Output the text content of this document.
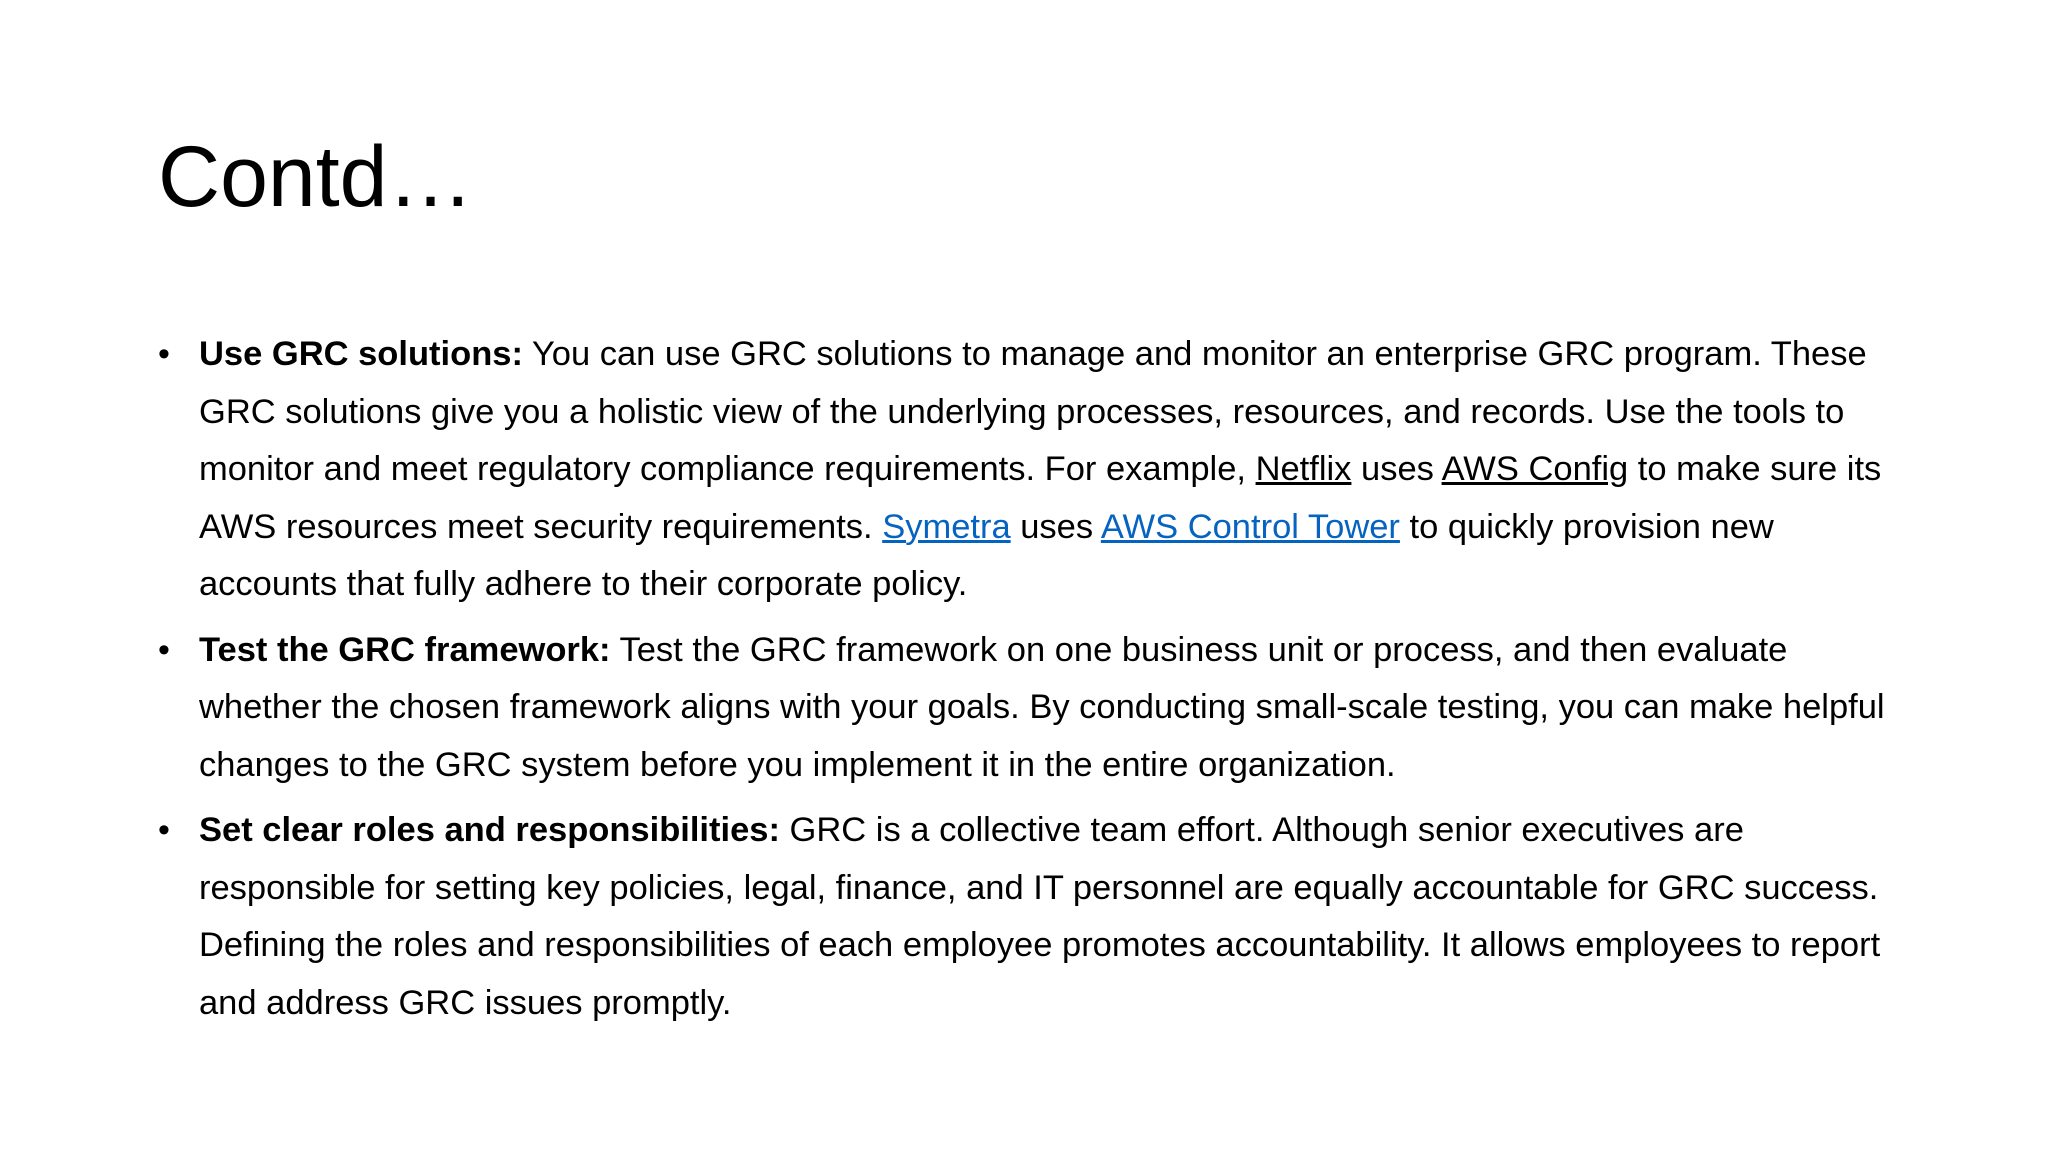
Contd…
• Use GRC solutions: You can use GRC solutions to manage and monitor an enterprise GRC program. These GRC solutions give you a holistic view of the underlying processes, resources, and records. Use the tools to monitor and meet regulatory compliance requirements. For example, Netflix uses AWS Config to make sure its AWS resources meet security requirements. Symetra uses AWS Control Tower to quickly provision new accounts that fully adhere to their corporate policy.
• Test the GRC framework: Test the GRC framework on one business unit or process, and then evaluate whether the chosen framework aligns with your goals. By conducting small-scale testing, you can make helpful changes to the GRC system before you implement it in the entire organization.
• Set clear roles and responsibilities: GRC is a collective team effort. Although senior executives are responsible for setting key policies, legal, finance, and IT personnel are equally accountable for GRC success. Defining the roles and responsibilities of each employee promotes accountability. It allows employees to report and address GRC issues promptly.
